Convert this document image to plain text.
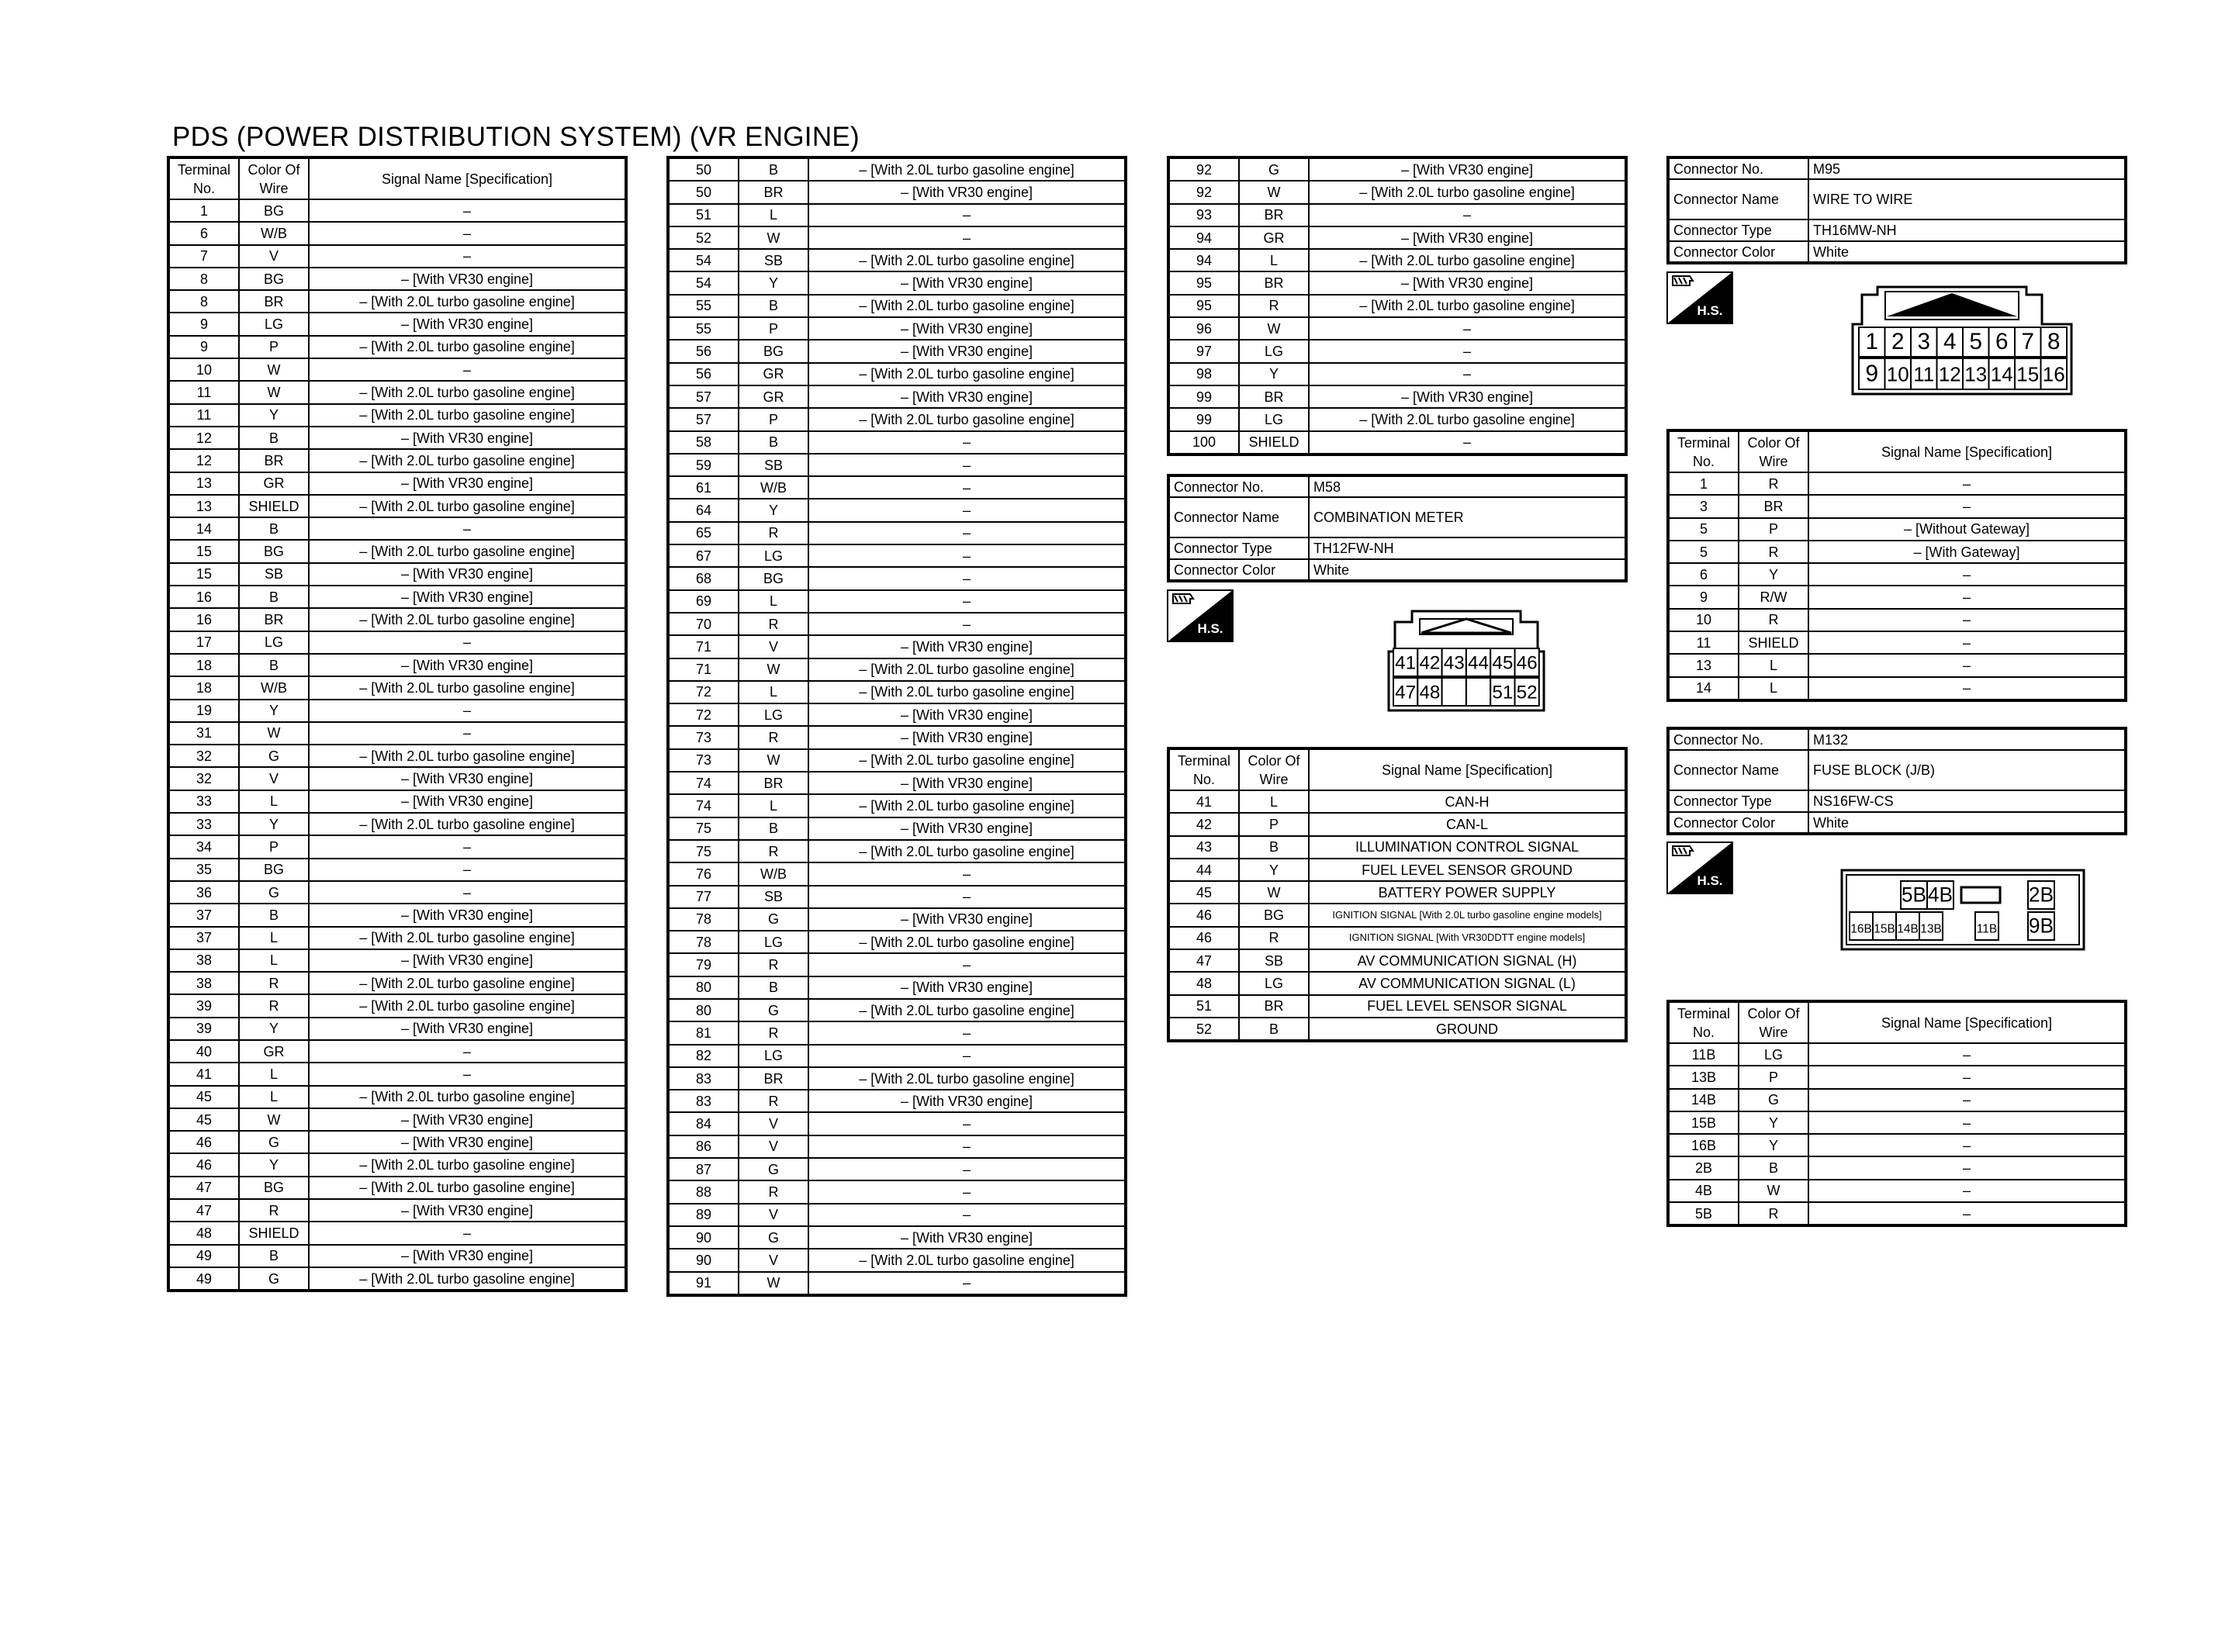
PDS (POWER DISTRIBUTION SYSTEM) (VR ENGINE)
Terminal
No.	Color Of
Wire	Signal Name [Specification]
1	BG	–
6	W/B	–
7	V	–
8	BG	– [With VR30 engine]
8	BR	– [With 2.0L turbo gasoline engine]
9	LG	– [With VR30 engine]
9	P	– [With 2.0L turbo gasoline engine]
10	W	–
11	W	– [With 2.0L turbo gasoline engine]
11	Y	– [With 2.0L turbo gasoline engine]
12	B	– [With VR30 engine]
12	BR	– [With 2.0L turbo gasoline engine]
13	GR	– [With VR30 engine]
13	SHIELD	– [With 2.0L turbo gasoline engine]
14	B	–
15	BG	– [With 2.0L turbo gasoline engine]
15	SB	– [With VR30 engine]
16	B	– [With VR30 engine]
16	BR	– [With 2.0L turbo gasoline engine]
17	LG	–
18	B	– [With VR30 engine]
18	W/B	– [With 2.0L turbo gasoline engine]
19	Y	–
31	W	–
32	G	– [With 2.0L turbo gasoline engine]
32	V	– [With VR30 engine]
33	L	– [With VR30 engine]
33	Y	– [With 2.0L turbo gasoline engine]
34	P	–
35	BG	–
36	G	–
37	B	– [With VR30 engine]
37	L	– [With 2.0L turbo gasoline engine]
38	L	– [With VR30 engine]
38	R	– [With 2.0L turbo gasoline engine]
39	R	– [With 2.0L turbo gasoline engine]
39	Y	– [With VR30 engine]
40	GR	–
41	L	–
45	L	– [With 2.0L turbo gasoline engine]
45	W	– [With VR30 engine]
46	G	– [With VR30 engine]
46	Y	– [With 2.0L turbo gasoline engine]
47	BG	– [With 2.0L turbo gasoline engine]
47	R	– [With VR30 engine]
48	SHIELD	–
49	B	– [With VR30 engine]
49	G	– [With 2.0L turbo gasoline engine]
50	B	– [With 2.0L turbo gasoline engine]
50	BR	– [With VR30 engine]
51	L	–
52	W	–
54	SB	– [With 2.0L turbo gasoline engine]
54	Y	– [With VR30 engine]
55	B	– [With 2.0L turbo gasoline engine]
55	P	– [With VR30 engine]
56	BG	– [With VR30 engine]
56	GR	– [With 2.0L turbo gasoline engine]
57	GR	– [With VR30 engine]
57	P	– [With 2.0L turbo gasoline engine]
58	B	–
59	SB	–
61	W/B	–
64	Y	–
65	R	–
67	LG	–
68	BG	–
69	L	–
70	R	–
71	V	– [With VR30 engine]
71	W	– [With 2.0L turbo gasoline engine]
72	L	– [With 2.0L turbo gasoline engine]
72	LG	– [With VR30 engine]
73	R	– [With VR30 engine]
73	W	– [With 2.0L turbo gasoline engine]
74	BR	– [With VR30 engine]
74	L	– [With 2.0L turbo gasoline engine]
75	B	– [With VR30 engine]
75	R	– [With 2.0L turbo gasoline engine]
76	W/B	–
77	SB	–
78	G	– [With VR30 engine]
78	LG	– [With 2.0L turbo gasoline engine]
79	R	–
80	B	– [With VR30 engine]
80	G	– [With 2.0L turbo gasoline engine]
81	R	–
82	LG	–
83	BR	– [With 2.0L turbo gasoline engine]
83	R	– [With VR30 engine]
84	V	–
86	V	–
87	G	–
88	R	–
89	V	–
90	G	– [With VR30 engine]
90	V	– [With 2.0L turbo gasoline engine]
91	W	–
92	G	– [With VR30 engine]
92	W	– [With 2.0L turbo gasoline engine]
93	BR	–
94	GR	– [With VR30 engine]
94	L	– [With 2.0L turbo gasoline engine]
95	BR	– [With VR30 engine]
95	R	– [With 2.0L turbo gasoline engine]
96	W	–
97	LG	–
98	Y	–
99	BR	– [With VR30 engine]
99	LG	– [With 2.0L turbo gasoline engine]
100	SHIELD	–
Connector No.	M58
Connector Name	COMBINATION METER
Connector Type	TH12FW-NH
Connector Color	White
H.S.
41 42 43 44 45 46
47 48	51 52
Terminal
No.	Color Of
Wire	Signal Name [Specification]
41	L	CAN-H
42	P	CAN-L
43	B	ILLUMINATION CONTROL SIGNAL
44	Y	FUEL LEVEL SENSOR GROUND
45	W	BATTERY POWER SUPPLY
46	BG	IGNITION SIGNAL [With 2.0L turbo gasoline engine models]
46	R	IGNITION SIGNAL [With VR30DDTT engine models]
47	SB	AV COMMUNICATION SIGNAL (H)
48	LG	AV COMMUNICATION SIGNAL (L)
51	BR	FUEL LEVEL SENSOR SIGNAL
52	B	GROUND
Connector No.	M95
Connector Name	WIRE TO WIRE
Connector Type	TH16MW-NH
Connector Color	White
H.S.
1 2 3 4 5 6 7 8
9 10 11 12 13 14 15 16
Terminal
No.	Color Of
Wire	Signal Name [Specification]
1	R	–
3	BR	–
5	P	– [Without Gateway]
5	R	– [With Gateway]
6	Y	–
9	R/W	–
10	R	–
11	SHIELD	–
13	L	–
14	L	–
Connector No.	M132
Connector Name	FUSE BLOCK (J/B)
Connector Type	NS16FW-CS
Connector Color	White
H.S.
5B 4B	2B
16B 15B 14B 13B	11B 9B
Terminal
No.	Color Of
Wire	Signal Name [Specification]
11B	LG	–
13B	P	–
14B	G	–
15B	Y	–
16B	Y	–
2B	B	–
4B	W	–
5B	R	–
